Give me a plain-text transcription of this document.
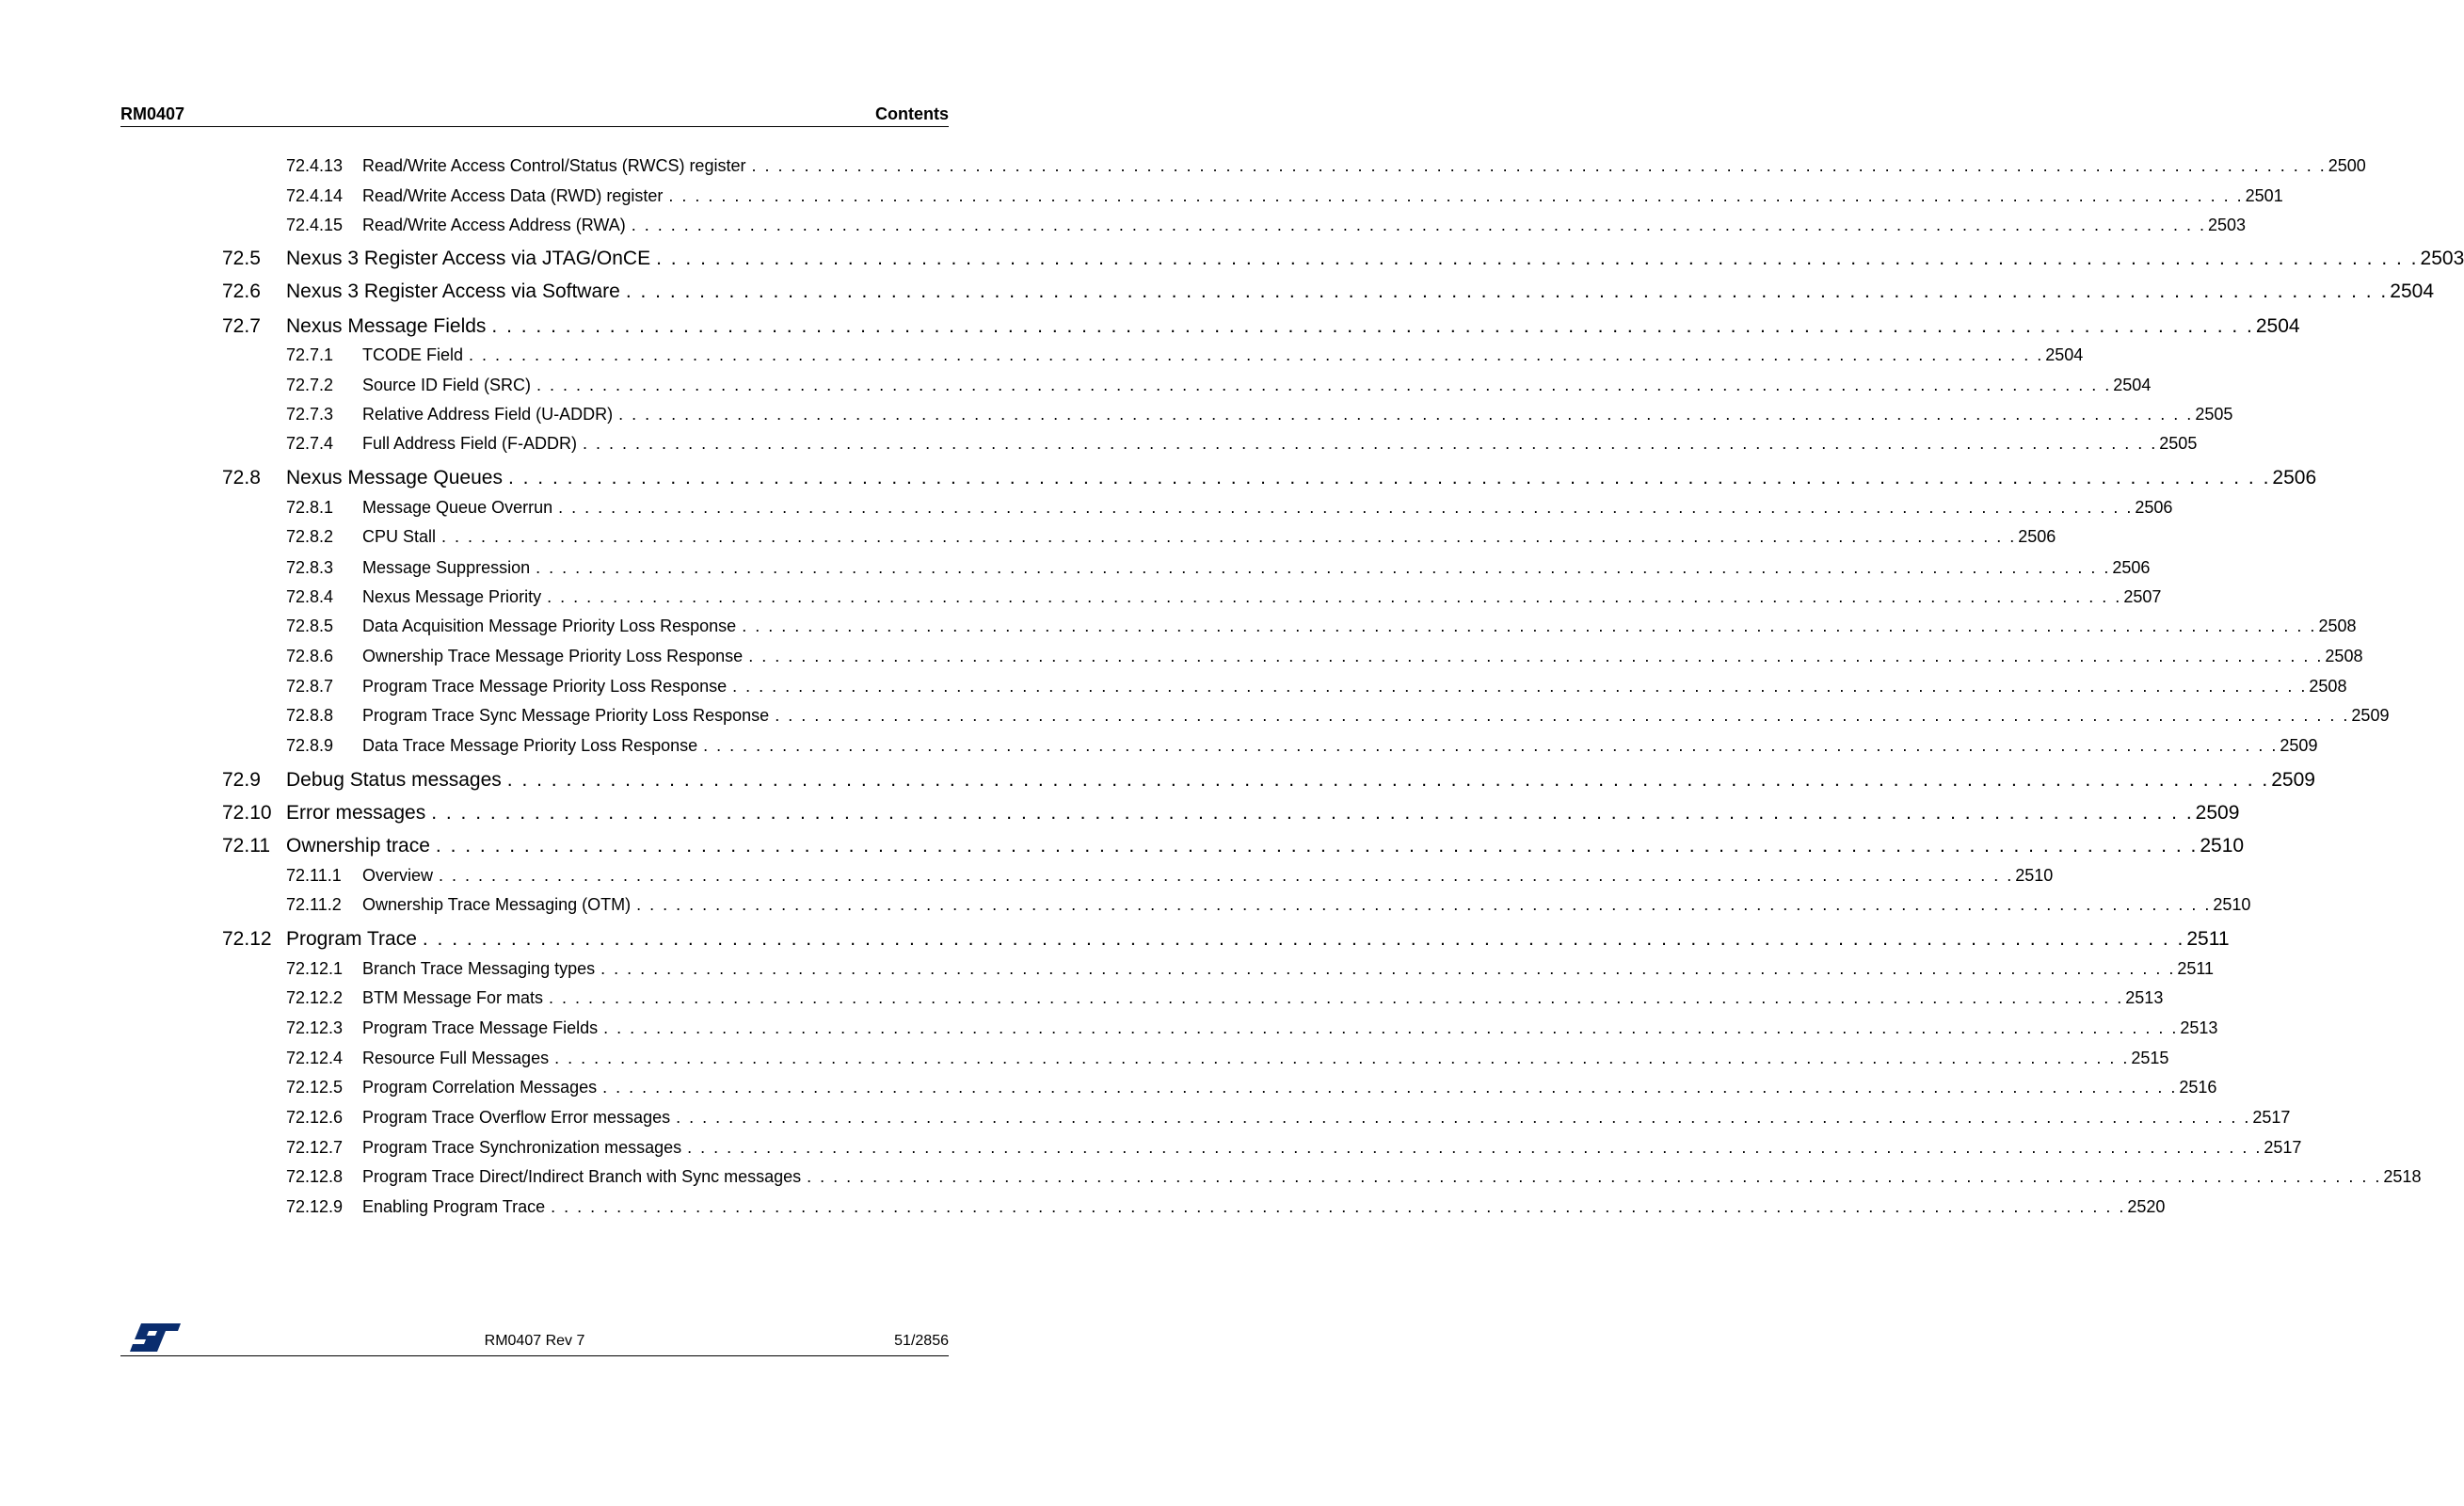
RM0407	Contents
72.4.13 Read/Write Access Control/Status (RWCS) register . . . . . . . . . . . . . . . . . . . . . . . . . . . . . . . . . . . . . . . . . . . . . . . . . . . . . . . . . . . . . . . . . . . . . . . . . . . . . . . . . . . . . . . . . . . . . . . . . . . . . . . . . . . . . . . . . . . . . . . . 2500
72.4.14 Read/Write Access Data (RWD) register . . . . . . . . . . . . . . . . . . . . . . . . . . . . . . . . . . . . . . . . . . . . . . . . . . . . . . . . . . . . . . . . . . . . . . . . . . . . . . . . . . . . . . . . . . . . . . . . . . . . . . . . . . . . . . . . . . . . . . . . 2501
72.4.15 Read/Write Access Address (RWA) . . . . . . . . . . . . . . . . . . . . . . . . . . . . . . . . . . . . . . . . . . . . . . . . . . . . . . . . . . . . . . . . . . . . . . . . . . . . . . . . . . . . . . . . . . . . . . . . . . . . . . . . . . . . . . . . . . . . . . . . 2503
72.5 Nexus 3 Register Access via JTAG/OnCE . . . . . . . . . . . . . . . . . . . . . . . . . . . . . . . . . . . . . . . . . . . . . . . . . . . . . . . . . . . . . . . . . . . . . . . . . . . . . . . . . . . . . . . . . . . . . . . . . . . . . . . . . . . . . . . . . . . . . . . . 2503
72.6 Nexus 3 Register Access via Software . . . . . . . . . . . . . . . . . . . . . . . . . . . . . . . . . . . . . . . . . . . . . . . . . . . . . . . . . . . . . . . . . . . . . . . . . . . . . . . . . . . . . . . . . . . . . . . . . . . . . . . . . . . . . . . . . . . . . . . . 2504
72.7 Nexus Message Fields . . . . . . . . . . . . . . . . . . . . . . . . . . . . . . . . . . . . . . . . . . . . . . . . . . . . . . . . . . . . . . . . . . . . . . . . . . . . . . . . . . . . . . . . . . . . . . . . . . . . . . . . . . . . . . . . . . . . . . . . 2504
72.7.1 TCODE Field . . . . . . . . . . . . . . . . . . . . . . . . . . . . . . . . . . . . . . . . . . . . . . . . . . . . . . . . . . . . . . . . . . . . . . . . . . . . . . . . . . . . . . . . . . . . . . . . . . . . . . . . . . . . . . . . . . . . . . . . 2504
72.7.2 Source ID Field (SRC) . . . . . . . . . . . . . . . . . . . . . . . . . . . . . . . . . . . . . . . . . . . . . . . . . . . . . . . . . . . . . . . . . . . . . . . . . . . . . . . . . . . . . . . . . . . . . . . . . . . . . . . . . . . . . . . . . . . . . . . . 2504
72.7.3 Relative Address Field (U-ADDR) . . . . . . . . . . . . . . . . . . . . . . . . . . . . . . . . . . . . . . . . . . . . . . . . . . . . . . . . . . . . . . . . . . . . . . . . . . . . . . . . . . . . . . . . . . . . . . . . . . . . . . . . . . . . . . . . . . . . . . . . 2505
72.7.4 Full Address Field (F-ADDR) . . . . . . . . . . . . . . . . . . . . . . . . . . . . . . . . . . . . . . . . . . . . . . . . . . . . . . . . . . . . . . . . . . . . . . . . . . . . . . . . . . . . . . . . . . . . . . . . . . . . . . . . . . . . . . . . . . . . . . . . 2505
72.8 Nexus Message Queues . . . . . . . . . . . . . . . . . . . . . . . . . . . . . . . . . . . . . . . . . . . . . . . . . . . . . . . . . . . . . . . . . . . . . . . . . . . . . . . . . . . . . . . . . . . . . . . . . . . . . . . . . . . . . . . . . . . . . . . . 2506
72.8.1 Message Queue Overrun . . . . . . . . . . . . . . . . . . . . . . . . . . . . . . . . . . . . . . . . . . . . . . . . . . . . . . . . . . . . . . . . . . . . . . . . . . . . . . . . . . . . . . . . . . . . . . . . . . . . . . . . . . . . . . . . . . . . . . . . 2506
72.8.2 CPU Stall . . . . . . . . . . . . . . . . . . . . . . . . . . . . . . . . . . . . . . . . . . . . . . . . . . . . . . . . . . . . . . . . . . . . . . . . . . . . . . . . . . . . . . . . . . . . . . . . . . . . . . . . . . . . . . . . . . . . . . . . 2506
72.8.3 Message Suppression . . . . . . . . . . . . . . . . . . . . . . . . . . . . . . . . . . . . . . . . . . . . . . . . . . . . . . . . . . . . . . . . . . . . . . . . . . . . . . . . . . . . . . . . . . . . . . . . . . . . . . . . . . . . . . . . . . . . . . . . 2506
72.8.4 Nexus Message Priority . . . . . . . . . . . . . . . . . . . . . . . . . . . . . . . . . . . . . . . . . . . . . . . . . . . . . . . . . . . . . . . . . . . . . . . . . . . . . . . . . . . . . . . . . . . . . . . . . . . . . . . . . . . . . . . . . . . . . . . . 2507
72.8.5 Data Acquisition Message Priority Loss Response . . . . . . . . . . . . . . . . . . . . . . . . . . . . . . . . . . . . . . . . . . . . . . . . . . . . . . . . . . . . . . . . . . . . . . . . . . . . . . . . . . . . . . . . . . . . . . . . . . . . . . . . . . . . . . . . . . . . . . . . 2508
72.8.6 Ownership Trace Message Priority Loss Response . . . . . . . . . . . . . . . . . . . . . . . . . . . . . . . . . . . . . . . . . . . . . . . . . . . . . . . . . . . . . . . . . . . . . . . . . . . . . . . . . . . . . . . . . . . . . . . . . . . . . . . . . . . . . . . . . . . . . . . . 2508
72.8.7 Program Trace Message Priority Loss Response . . . . . . . . . . . . . . . . . . . . . . . . . . . . . . . . . . . . . . . . . . . . . . . . . . . . . . . . . . . . . . . . . . . . . . . . . . . . . . . . . . . . . . . . . . . . . . . . . . . . . . . . . . . . . . . . . . . . . . . . 2508
72.8.8 Program Trace Sync Message Priority Loss Response . . . . . . . . . . . . . . . . . . . . . . . . . . . . . . . . . . . . . . . . . . . . . . . . . . . . . . . . . . . . . . . . . . . . . . . . . . . . . . . . . . . . . . . . . . . . . . . . . . . . . . . . . . . . . . . . . . . . . . . . 2509
72.8.9 Data Trace Message Priority Loss Response . . . . . . . . . . . . . . . . . . . . . . . . . . . . . . . . . . . . . . . . . . . . . . . . . . . . . . . . . . . . . . . . . . . . . . . . . . . . . . . . . . . . . . . . . . . . . . . . . . . . . . . . . . . . . . . . . . . . . . . . 2509
72.9 Debug Status messages . . . . . . . . . . . . . . . . . . . . . . . . . . . . . . . . . . . . . . . . . . . . . . . . . . . . . . . . . . . . . . . . . . . . . . . . . . . . . . . . . . . . . . . . . . . . . . . . . . . . . . . . . . . . . . . . . . . . . . . . 2509
72.10 Error messages . . . . . . . . . . . . . . . . . . . . . . . . . . . . . . . . . . . . . . . . . . . . . . . . . . . . . . . . . . . . . . . . . . . . . . . . . . . . . . . . . . . . . . . . . . . . . . . . . . . . . . . . . . . . . . . . . . . . . . . . 2509
72.11 Ownership trace . . . . . . . . . . . . . . . . . . . . . . . . . . . . . . . . . . . . . . . . . . . . . . . . . . . . . . . . . . . . . . . . . . . . . . . . . . . . . . . . . . . . . . . . . . . . . . . . . . . . . . . . . . . . . . . . . . . . . . . . 2510
72.11.1 Overview . . . . . . . . . . . . . . . . . . . . . . . . . . . . . . . . . . . . . . . . . . . . . . . . . . . . . . . . . . . . . . . . . . . . . . . . . . . . . . . . . . . . . . . . . . . . . . . . . . . . . . . . . . . . . . . . . . . . . . . . 2510
72.11.2 Ownership Trace Messaging (OTM) . . . . . . . . . . . . . . . . . . . . . . . . . . . . . . . . . . . . . . . . . . . . . . . . . . . . . . . . . . . . . . . . . . . . . . . . . . . . . . . . . . . . . . . . . . . . . . . . . . . . . . . . . . . . . . . . . . . . . . . . 2510
72.12 Program Trace . . . . . . . . . . . . . . . . . . . . . . . . . . . . . . . . . . . . . . . . . . . . . . . . . . . . . . . . . . . . . . . . . . . . . . . . . . . . . . . . . . . . . . . . . . . . . . . . . . . . . . . . . . . . . . . . . . . . . . . . 2511
72.12.1 Branch Trace Messaging types . . . . . . . . . . . . . . . . . . . . . . . . . . . . . . . . . . . . . . . . . . . . . . . . . . . . . . . . . . . . . . . . . . . . . . . . . . . . . . . . . . . . . . . . . . . . . . . . . . . . . . . . . . . . . . . . . . . . . . . . 2511
72.12.2 BTM Message For mats . . . . . . . . . . . . . . . . . . . . . . . . . . . . . . . . . . . . . . . . . . . . . . . . . . . . . . . . . . . . . . . . . . . . . . . . . . . . . . . . . . . . . . . . . . . . . . . . . . . . . . . . . . . . . . . . . . . . . . . . 2513
72.12.3 Program Trace Message Fields . . . . . . . . . . . . . . . . . . . . . . . . . . . . . . . . . . . . . . . . . . . . . . . . . . . . . . . . . . . . . . . . . . . . . . . . . . . . . . . . . . . . . . . . . . . . . . . . . . . . . . . . . . . . . . . . . . . . . . . . 2513
72.12.4 Resource Full Messages . . . . . . . . . . . . . . . . . . . . . . . . . . . . . . . . . . . . . . . . . . . . . . . . . . . . . . . . . . . . . . . . . . . . . . . . . . . . . . . . . . . . . . . . . . . . . . . . . . . . . . . . . . . . . . . . . . . . . . . . 2515
72.12.5 Program Correlation Messages . . . . . . . . . . . . . . . . . . . . . . . . . . . . . . . . . . . . . . . . . . . . . . . . . . . . . . . . . . . . . . . . . . . . . . . . . . . . . . . . . . . . . . . . . . . . . . . . . . . . . . . . . . . . . . . . . . . . . . . . 2516
72.12.6 Program Trace Overflow Error messages . . . . . . . . . . . . . . . . . . . . . . . . . . . . . . . . . . . . . . . . . . . . . . . . . . . . . . . . . . . . . . . . . . . . . . . . . . . . . . . . . . . . . . . . . . . . . . . . . . . . . . . . . . . . . . . . . . . . . . . . 2517
72.12.7 Program Trace Synchronization messages . . . . . . . . . . . . . . . . . . . . . . . . . . . . . . . . . . . . . . . . . . . . . . . . . . . . . . . . . . . . . . . . . . . . . . . . . . . . . . . . . . . . . . . . . . . . . . . . . . . . . . . . . . . . . . . . . . . . . . . . 2517
72.12.8 Program Trace Direct/Indirect Branch with Sync messages . . . . . . . . . . . . . . . . . . . . . . . . . . . . . . . . . . . . . . . . . . . . . . . . . . . . . . . . . . . . . . . . . . . . . . . . . . . . . . . . . . . . . . . . . . . . . . . . . . . . . . . . . . . . . . . . . . . . . . . . 2518
72.12.9 Enabling Program Trace . . . . . . . . . . . . . . . . . . . . . . . . . . . . . . . . . . . . . . . . . . . . . . . . . . . . . . . . . . . . . . . . . . . . . . . . . . . . . . . . . . . . . . . . . . . . . . . . . . . . . . . . . . . . . . . . . . . . . . . . 2520
RM0407 Rev 7	51/2856
